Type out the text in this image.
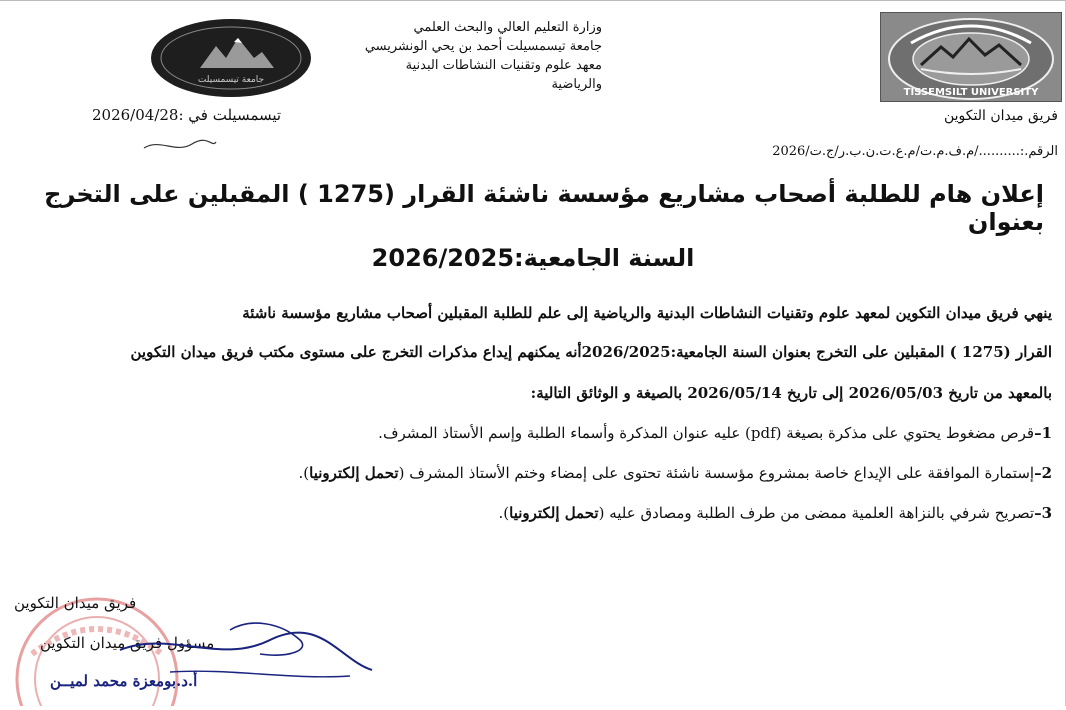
TISSEMSILT UNIVERSITY
جامعة تيسمسيلت
وزارة التعليم العالي والبحث العلمي
جامعة تيسمسيلت أحمد بن يحي الونشريسي
معهد علوم وتقنيات النشاطات البدنية والرياضية
فريق ميدان التكوين
تيسمسيلت في :2026/04/28
الرقم.:........../م.ف.م.ت/م.ع.ت.ن.ب.ر/ج.ت/2026
إعلان هام للطلبة أصحاب مشاريع مؤسسة ناشئة القرار (1275 ) المقبلين على التخرج بعنوان
السنة الجامعية:2026/2025
ينهي فريق ميدان التكوين لمعهد علوم وتقنيات النشاطات البدنية والرياضية إلى علم للطلبة المقبلين أصحاب مشاريع مؤسسة ناشئة
القرار (1275 ) المقبلين على التخرج بعنوان السنة الجامعية:2026/2025أنه يمكنهم إيداع مذكرات التخرج على مستوى مكتب فريق ميدان التكوين
بالمعهد من تاريخ 2026/05/03 إلى تاريخ 2026/05/14 بالصيغة و الوثائق التالية:
1–قرص مضغوط يحتوي على مذكرة بصيغة (pdf) عليه عنوان المذكرة وأسماء الطلبة وإسم الأستاذ المشرف.
2–إستمارة الموافقة على الإيداع خاصة بمشروع مؤسسة ناشئة تحتوى على إمضاء وختم الأستاذ المشرف (تحمل إلكترونيا).
3–تصريح شرفي بالنزاهة العلمية ممضى من طرف الطلبة ومصادق عليه (تحمل إلكترونيا).
فريق ميدان التكوين
مسؤول فريق ميدان التكوين
أ.د.بومعزة محمد لميــن
